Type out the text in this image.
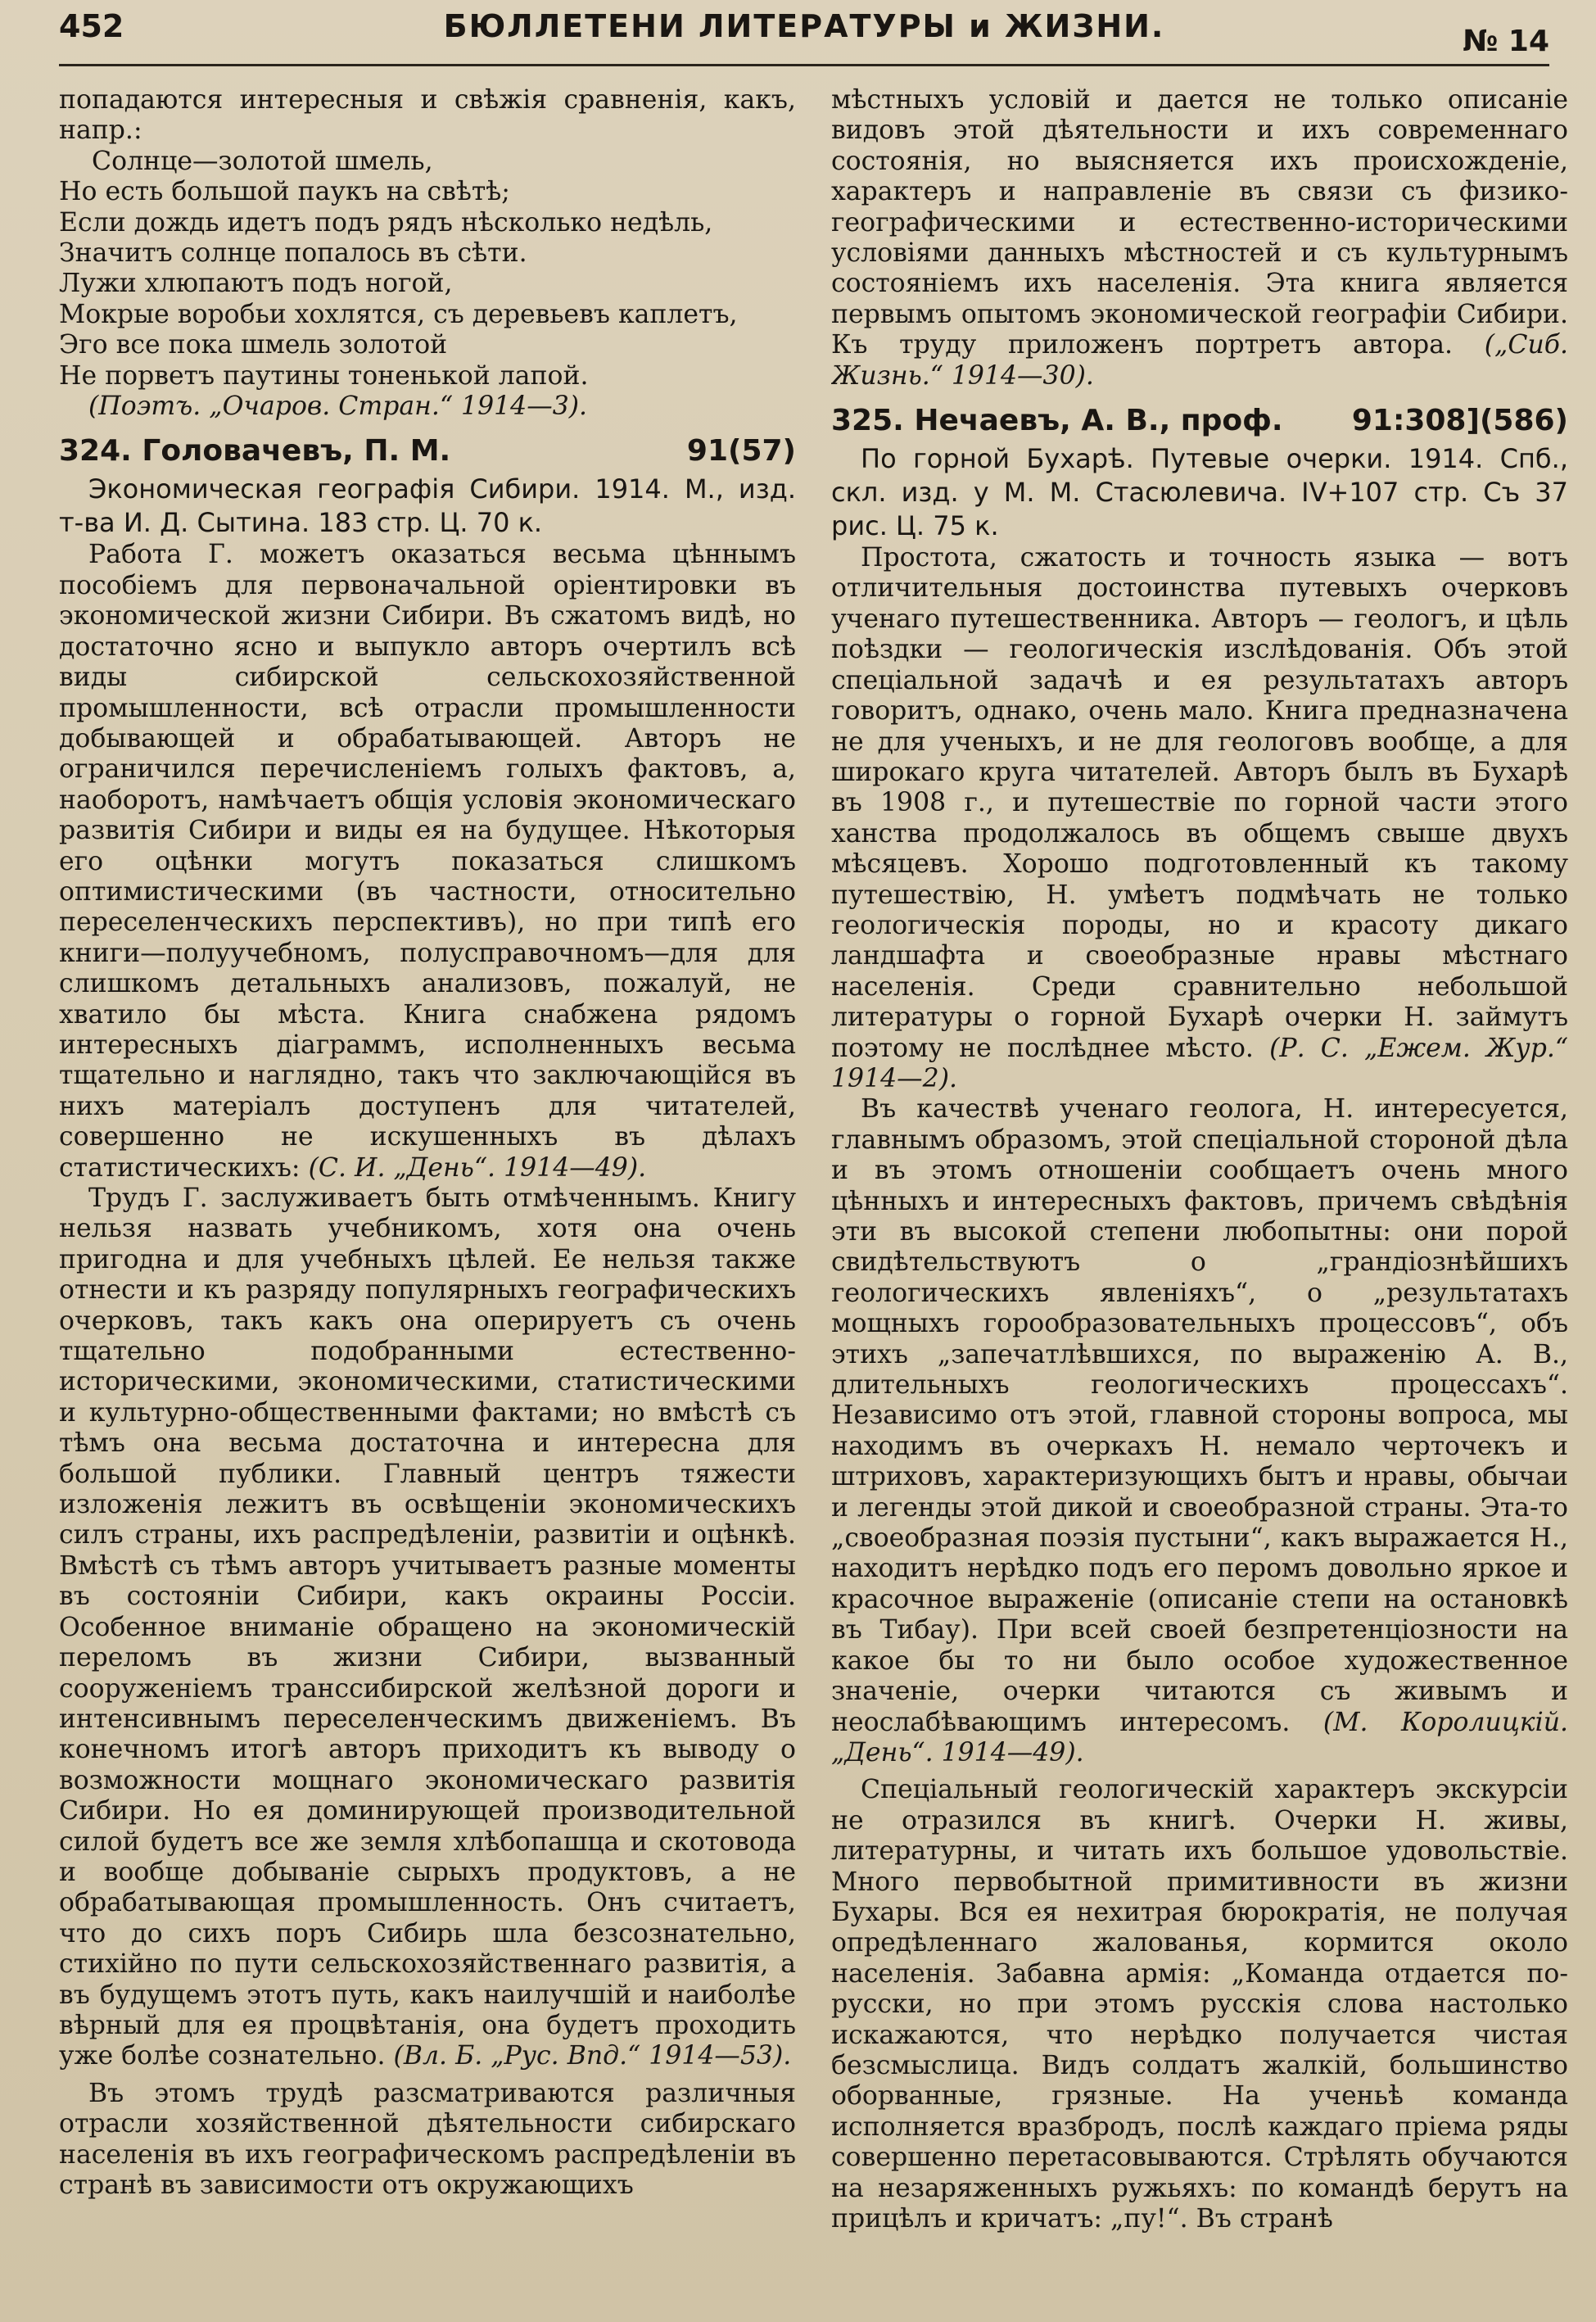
452	БЮЛЛЕТЕНИ ЛИТЕРАТУРЫ и ЖИЗНИ.	№ 14

попадаются интересныя и свѣжія сравненія, какъ, напр.:

Солнце—золотой шмель,
Но есть большой паукъ на свѣтѣ;
Если дождь идетъ подъ рядъ нѣсколько недѣль,
Значитъ солнце попалось въ сѣти.
Лужи хлюпаютъ подъ ногой,
Мокрые воробьи хохлятся, съ деревьевъ каплетъ,
Эго все пока шмель золотой
Не порветъ паутины тоненькой лапой.

(Поэтъ. „Очаров. Стран.“ 1914—3).

324. Головачевъ, П. М.	91(57)

Экономическая географія Сибири. 1914. М., изд. т-ва И. Д. Сытина. 183 стр. Ц. 70 к.

Работа Г. можетъ оказаться весьма цѣннымъ пособіемъ для первоначальной оріентировки въ экономической жизни Сибири. Въ сжатомъ видѣ, но достаточно ясно и выпукло авторъ очертилъ всѣ виды сибирской сельскохозяйственной промышленности, всѣ отрасли промышленности добывающей и обрабатывающей. Авторъ не ограничился перечисленіемъ голыхъ фактовъ, а, наоборотъ, намѣчаетъ общія условія экономическаго развитія Сибири и виды ея на будущее. Нѣкоторыя его оцѣнки могутъ показаться слишкомъ оптимистическими (въ частности, относительно переселенческихъ перспективъ), но при типѣ его книги—полуучебномъ, полусправочномъ—для для слишкомъ детальныхъ анализовъ, пожалуй, не хватило бы мѣста. Книга снабжена рядомъ интересныхъ діаграммъ, исполненныхъ весьма тщательно и наглядно, такъ что заключающійся въ нихъ матеріалъ доступенъ для читателей, совершенно не искушенныхъ въ дѣлахъ статистическихъ: (С. И. „День“. 1914—49).

Трудъ Г. заслуживаетъ быть отмѣченнымъ. Книгу нельзя назвать учебникомъ, хотя она очень пригодна и для учебныхъ цѣлей. Ее нельзя также отнести и къ разряду популярныхъ географическихъ очерковъ, такъ какъ она оперируетъ съ очень тщательно подобранными естественно-историческими, экономическими, статистическими и культурно-общественными фактами; но вмѣстѣ съ тѣмъ она весьма достаточна и интересна для большой публики. Главный центръ тяжести изложенія лежитъ въ освѣщеніи экономическихъ силъ страны, ихъ распредѣленіи, развитіи и оцѣнкѣ. Вмѣстѣ съ тѣмъ авторъ учитываетъ разные моменты въ состояніи Сибири, какъ окраины Россіи. Особенное вниманіе обращено на экономическій переломъ въ жизни Сибири, вызванный сооруженіемъ транссибирской желѣзной дороги и интенсивнымъ переселенческимъ движеніемъ. Въ конечномъ итогѣ авторъ приходитъ къ выводу о возможности мощнаго экономическаго развитія Сибири. Но ея доминирующей производительной силой будетъ все же земля хлѣбопашца и скотовода и вообще добываніе сырыхъ продуктовъ, а не обрабатывающая промышленность. Онъ считаетъ, что до сихъ поръ Сибирь шла безсознательно, стихійно по пути сельскохозяйственнаго развитія, а въ будущемъ этотъ путь, какъ наилучшій и наиболѣе вѣрный для ея процвѣтанія, она будетъ проходить уже болѣе сознательно. (Вл. Б. „Рус. Впд.“ 1914—53).

Въ этомъ трудѣ разсматриваются различныя отрасли хозяйственной дѣятельности сибирскаго населенія въ ихъ географическомъ распредѣленіи въ странѣ въ зависимости отъ окружающихъ

мѣстныхъ условій и дается не только описаніе видовъ этой дѣятельности и ихъ современнаго состоянія, но выясняется ихъ происхожденіе, характеръ и направленіе въ связи съ физико-географическими и естественно-историческими условіями данныхъ мѣстностей и съ культурнымъ состояніемъ ихъ населенія. Эта книга является первымъ опытомъ экономической географіи Сибири. Къ труду приложенъ портретъ автора. („Сиб. Жизнь.“ 1914—30).

325. Нечаевъ, А. В., проф. 91:308](586)

По горной Бухарѣ. Путевые очерки. 1914. Спб., скл. изд. у М. М. Стасюлевича. IV+107 стр. Съ 37 рис. Ц. 75 к.

Простота, сжатость и точность языка — вотъ отличительныя достоинства путевыхъ очерковъ ученаго путешественника. Авторъ — геологъ, и цѣль поѣздки — геологическія изслѣдованія. Объ этой спеціальной задачѣ и ея результатахъ авторъ говоритъ, однако, очень мало. Книга предназначена не для ученыхъ, и не для геологовъ вообще, а для широкаго круга читателей. Авторъ былъ въ Бухарѣ въ 1908 г., и путешествіе по горной части этого ханства продолжалось въ общемъ свыше двухъ мѣсяцевъ. Хорошо подготовленный къ такому путешествію, Н. умѣетъ подмѣчать не только геологическія породы, но и красоту дикаго ландшафта и своеобразные нравы мѣстнаго населенія. Среди сравнительно небольшой литературы о горной Бухарѣ очерки Н. займутъ поэтому не послѣднее мѣсто. (Р. С. „Ежем. Жур.“ 1914—2).

Въ качествѣ ученаго геолога, Н. интересуется, главнымъ образомъ, этой спеціальной стороной дѣла и въ этомъ отношеніи сообщаетъ очень много цѣнныхъ и интересныхъ фактовъ, причемъ свѣдѣнія эти въ высокой степени любопытны: они порой свидѣтельствуютъ о „грандіознѣйшихъ геологическихъ явленіяхъ“, о „результатахъ мощныхъ горообразовательныхъ процессовъ“, объ этихъ „запечатлѣвшихся, по выраженію А. В., длительныхъ геологическихъ процессахъ“. Независимо отъ этой, главной стороны вопроса, мы находимъ въ очеркахъ Н. немало черточекъ и штриховъ, характеризующихъ бытъ и нравы, обычаи и легенды этой дикой и своеобразной страны. Эта-то „своеобразная поэзія пустыни“, какъ выражается Н., находитъ нерѣдко подъ его перомъ довольно яркое и красочное выраженіе (описаніе степи на остановкѣ въ Тибау). При всей своей безпретенціозности на какое бы то ни было особое художественное значеніе, очерки читаются съ живымъ и неослабѣвающимъ интересомъ. (М. Королицкій. „День“. 1914—49).

Спеціальный геологическій характеръ экскурсіи не отразился въ книгѣ. Очерки Н. живы, литературны, и читать ихъ большое удовольствіе. Много первобытной примитивности въ жизни Бухары. Вся ея нехитрая бюрократія, не получая опредѣленнаго жалованья, кормится около населенія. Забавна армія: „Команда отдается по-русски, но при этомъ русскія слова настолько искажаются, что нерѣдко получается чистая безсмыслица. Видъ солдатъ жалкій, большинство оборванные, грязные. На ученьѣ команда исполняется вразбродъ, послѣ каждаго пріема ряды совершенно перетасовываются. Стрѣлять обучаются на незаряженныхъ ружьяхъ: по командѣ берутъ на прицѣлъ и кричатъ: „пу!“. Въ странѣ
